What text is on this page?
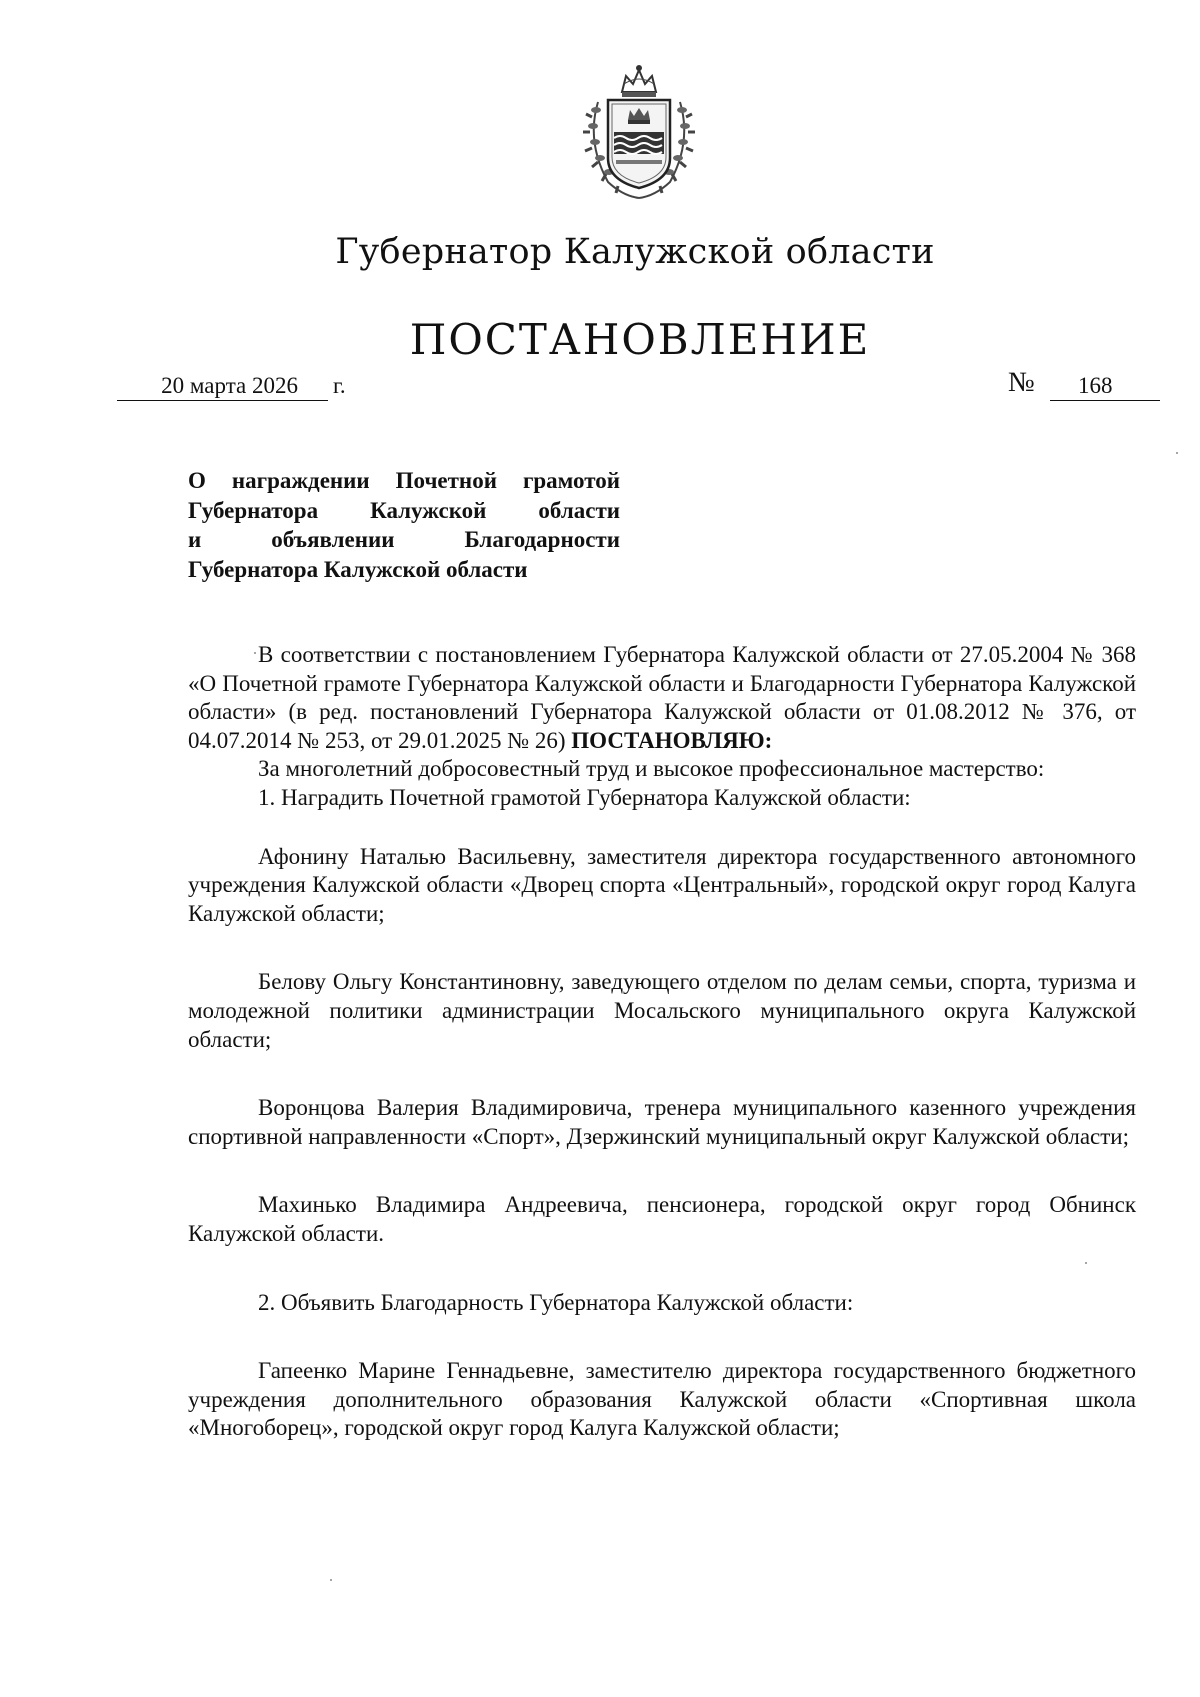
Губернатор Калужской области
ПОСТАНОВЛЕНИЕ
20 марта 2026	г.	№	168
О награждении Почетной грамотой
Губернатора Калужской области
и объявлении Благодарности
Губернатора Калужской области

В соответствии с постановлением Губернатора Калужской области от 27.05.2004 № 368 «О Почетной грамоте Губернатора Калужской области и Благодарности Губернатора Калужской области» (в ред. постановлений Губернатора Калужской области от 01.08.2012 № 376, от 04.07.2014 № 253, от 29.01.2025 № 26) ПОСТАНОВЛЯЮ:

За многолетний добросовестный труд и высокое профессиональное мастерство:

1. Наградить Почетной грамотой Губернатора Калужской области:

Афонину Наталью Васильевну, заместителя директора государственного автономного учреждения Калужской области «Дворец спорта «Центральный», городской округ город Калуга Калужской области;

Белову Ольгу Константиновну, заведующего отделом по делам семьи, спорта, туризма и молодежной политики администрации Мосальского муниципального округа Калужской области;

Воронцова Валерия Владимировича, тренера муниципального казенного учреждения спортивной направленности «Спорт», Дзержинский муниципальный округ Калужской области;

Махинько Владимира Андреевича, пенсионера, городской округ город Обнинск Калужской области.

2. Объявить Благодарность Губернатора Калужской области:

Гапеенко Марине Геннадьевне, заместителю директора государственного бюджетного учреждения дополнительного образования Калужской области «Спортивная школа «Многоборец», городской округ город Калуга Калужской области;
